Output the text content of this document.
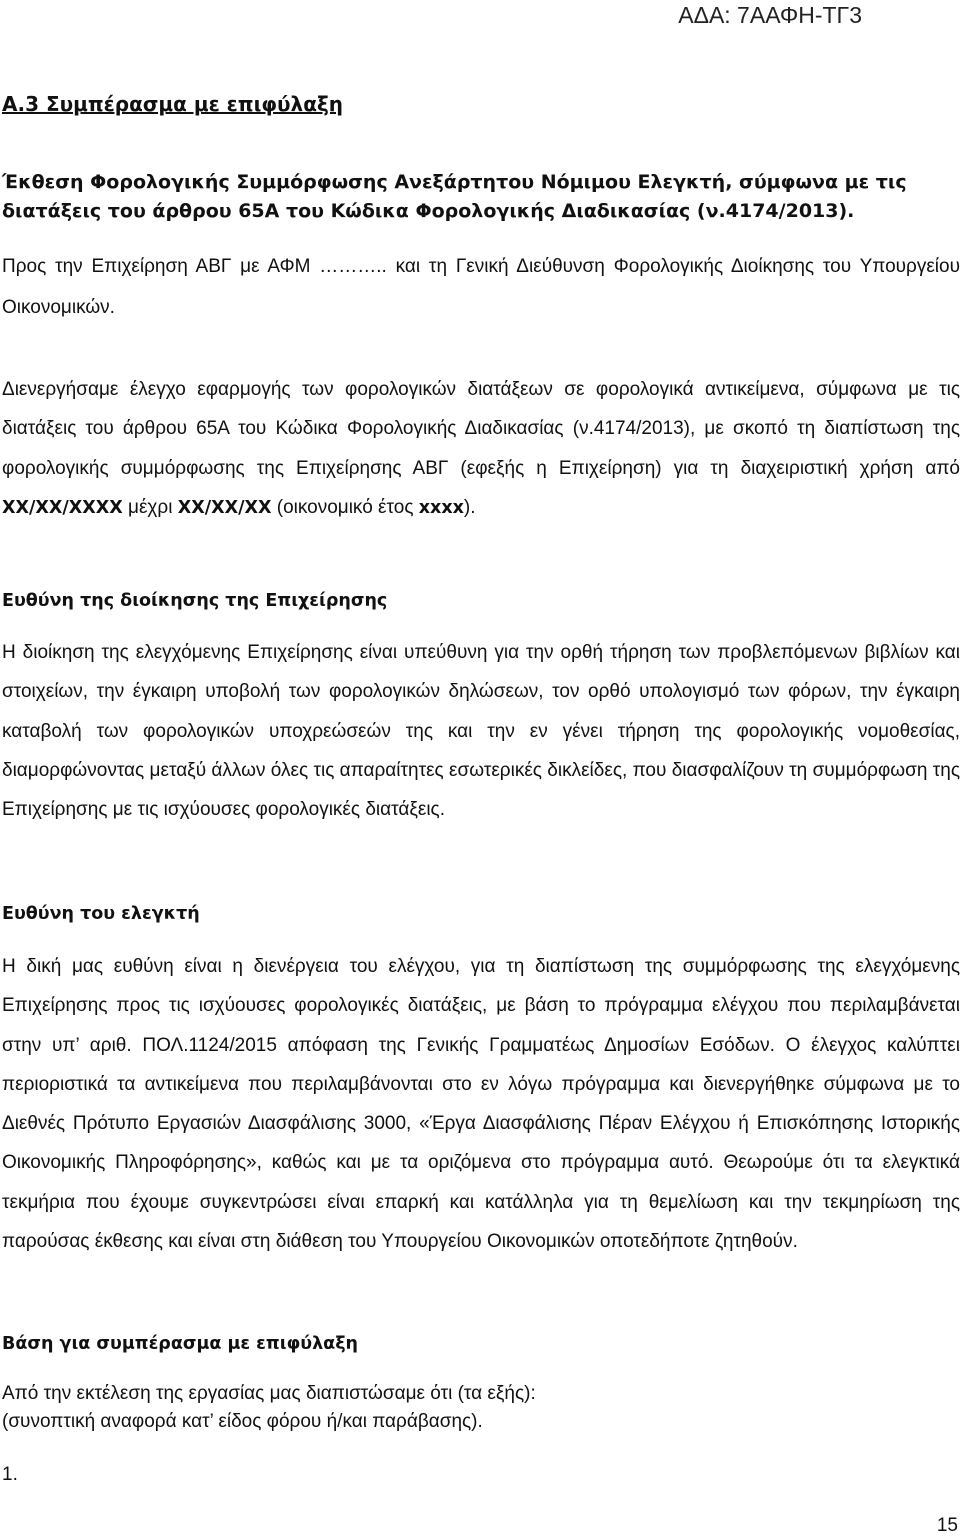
ΑΔΑ: 7ΑΑΦΗ-ΤΓ3
Α.3 Συμπέρασμα με επιφύλαξη
Έκθεση Φορολογικής Συμμόρφωσης Ανεξάρτητου Νόμιμου Ελεγκτή, σύμφωνα με τις διατάξεις του άρθρου 65Α του Κώδικα Φορολογικής Διαδικασίας (ν.4174/2013).
Προς την Επιχείρηση ΑΒΓ με ΑΦΜ ……….. και τη Γενική Διεύθυνση Φορολογικής Διοίκησης του Υπουργείου Οικονομικών.
Διενεργήσαμε έλεγχο εφαρμογής των φορολογικών διατάξεων σε φορολογικά αντικείμενα, σύμφωνα με τις διατάξεις του άρθρου 65Α του Κώδικα Φορολογικής Διαδικασίας (ν.4174/2013), με σκοπό τη διαπίστωση της φορολογικής συμμόρφωσης της Επιχείρησης ΑΒΓ (εφεξής η Επιχείρηση) για τη διαχειριστική χρήση από XX/XX/XXXX μέχρι XX/XX/XX (οικονομικό έτος xxxx).
Ευθύνη της διοίκησης της Επιχείρησης
Η διοίκηση της ελεγχόμενης Επιχείρησης είναι υπεύθυνη για την ορθή τήρηση των προβλεπόμενων βιβλίων και στοιχείων, την έγκαιρη υποβολή των φορολογικών δηλώσεων, τον ορθό υπολογισμό των φόρων, την έγκαιρη καταβολή των φορολογικών υποχρεώσεών της και την εν γένει τήρηση της φορολογικής νομοθεσίας, διαμορφώνοντας μεταξύ άλλων όλες τις απαραίτητες εσωτερικές δικλείδες, που διασφαλίζουν τη συμμόρφωση της Επιχείρησης με τις ισχύουσες φορολογικές διατάξεις.
Ευθύνη του ελεγκτή
Η δική μας ευθύνη είναι η διενέργεια του ελέγχου, για τη διαπίστωση της συμμόρφωσης της ελεγχόμενης Επιχείρησης προς τις ισχύουσες φορολογικές διατάξεις, με βάση το πρόγραμμα ελέγχου που περιλαμβάνεται στην υπ’ αριθ. ΠΟΛ.1124/2015 απόφαση της Γενικής Γραμματέως Δημοσίων Εσόδων. Ο έλεγχος καλύπτει περιοριστικά τα αντικείμενα που περιλαμβάνονται στο εν λόγω πρόγραμμα και διενεργήθηκε σύμφωνα με το Διεθνές Πρότυπο Εργασιών Διασφάλισης 3000, «Έργα Διασφάλισης Πέραν Ελέγχου ή Επισκόπησης Ιστορικής Οικονομικής Πληροφόρησης», καθώς και με τα οριζόμενα στο πρόγραμμα αυτό. Θεωρούμε ότι τα ελεγκτικά τεκμήρια που έχουμε συγκεντρώσει είναι επαρκή και κατάλληλα για τη θεμελίωση και την τεκμηρίωση της παρούσας έκθεσης και είναι στη διάθεση του Υπουργείου Οικονομικών οποτεδήποτε ζητηθούν.
Βάση για συμπέρασμα με επιφύλαξη
Από την εκτέλεση της εργασίας μας διαπιστώσαμε ότι (τα εξής):
(συνοπτική αναφορά κατ’ είδος φόρου ή/και παράβασης).
1.
15
